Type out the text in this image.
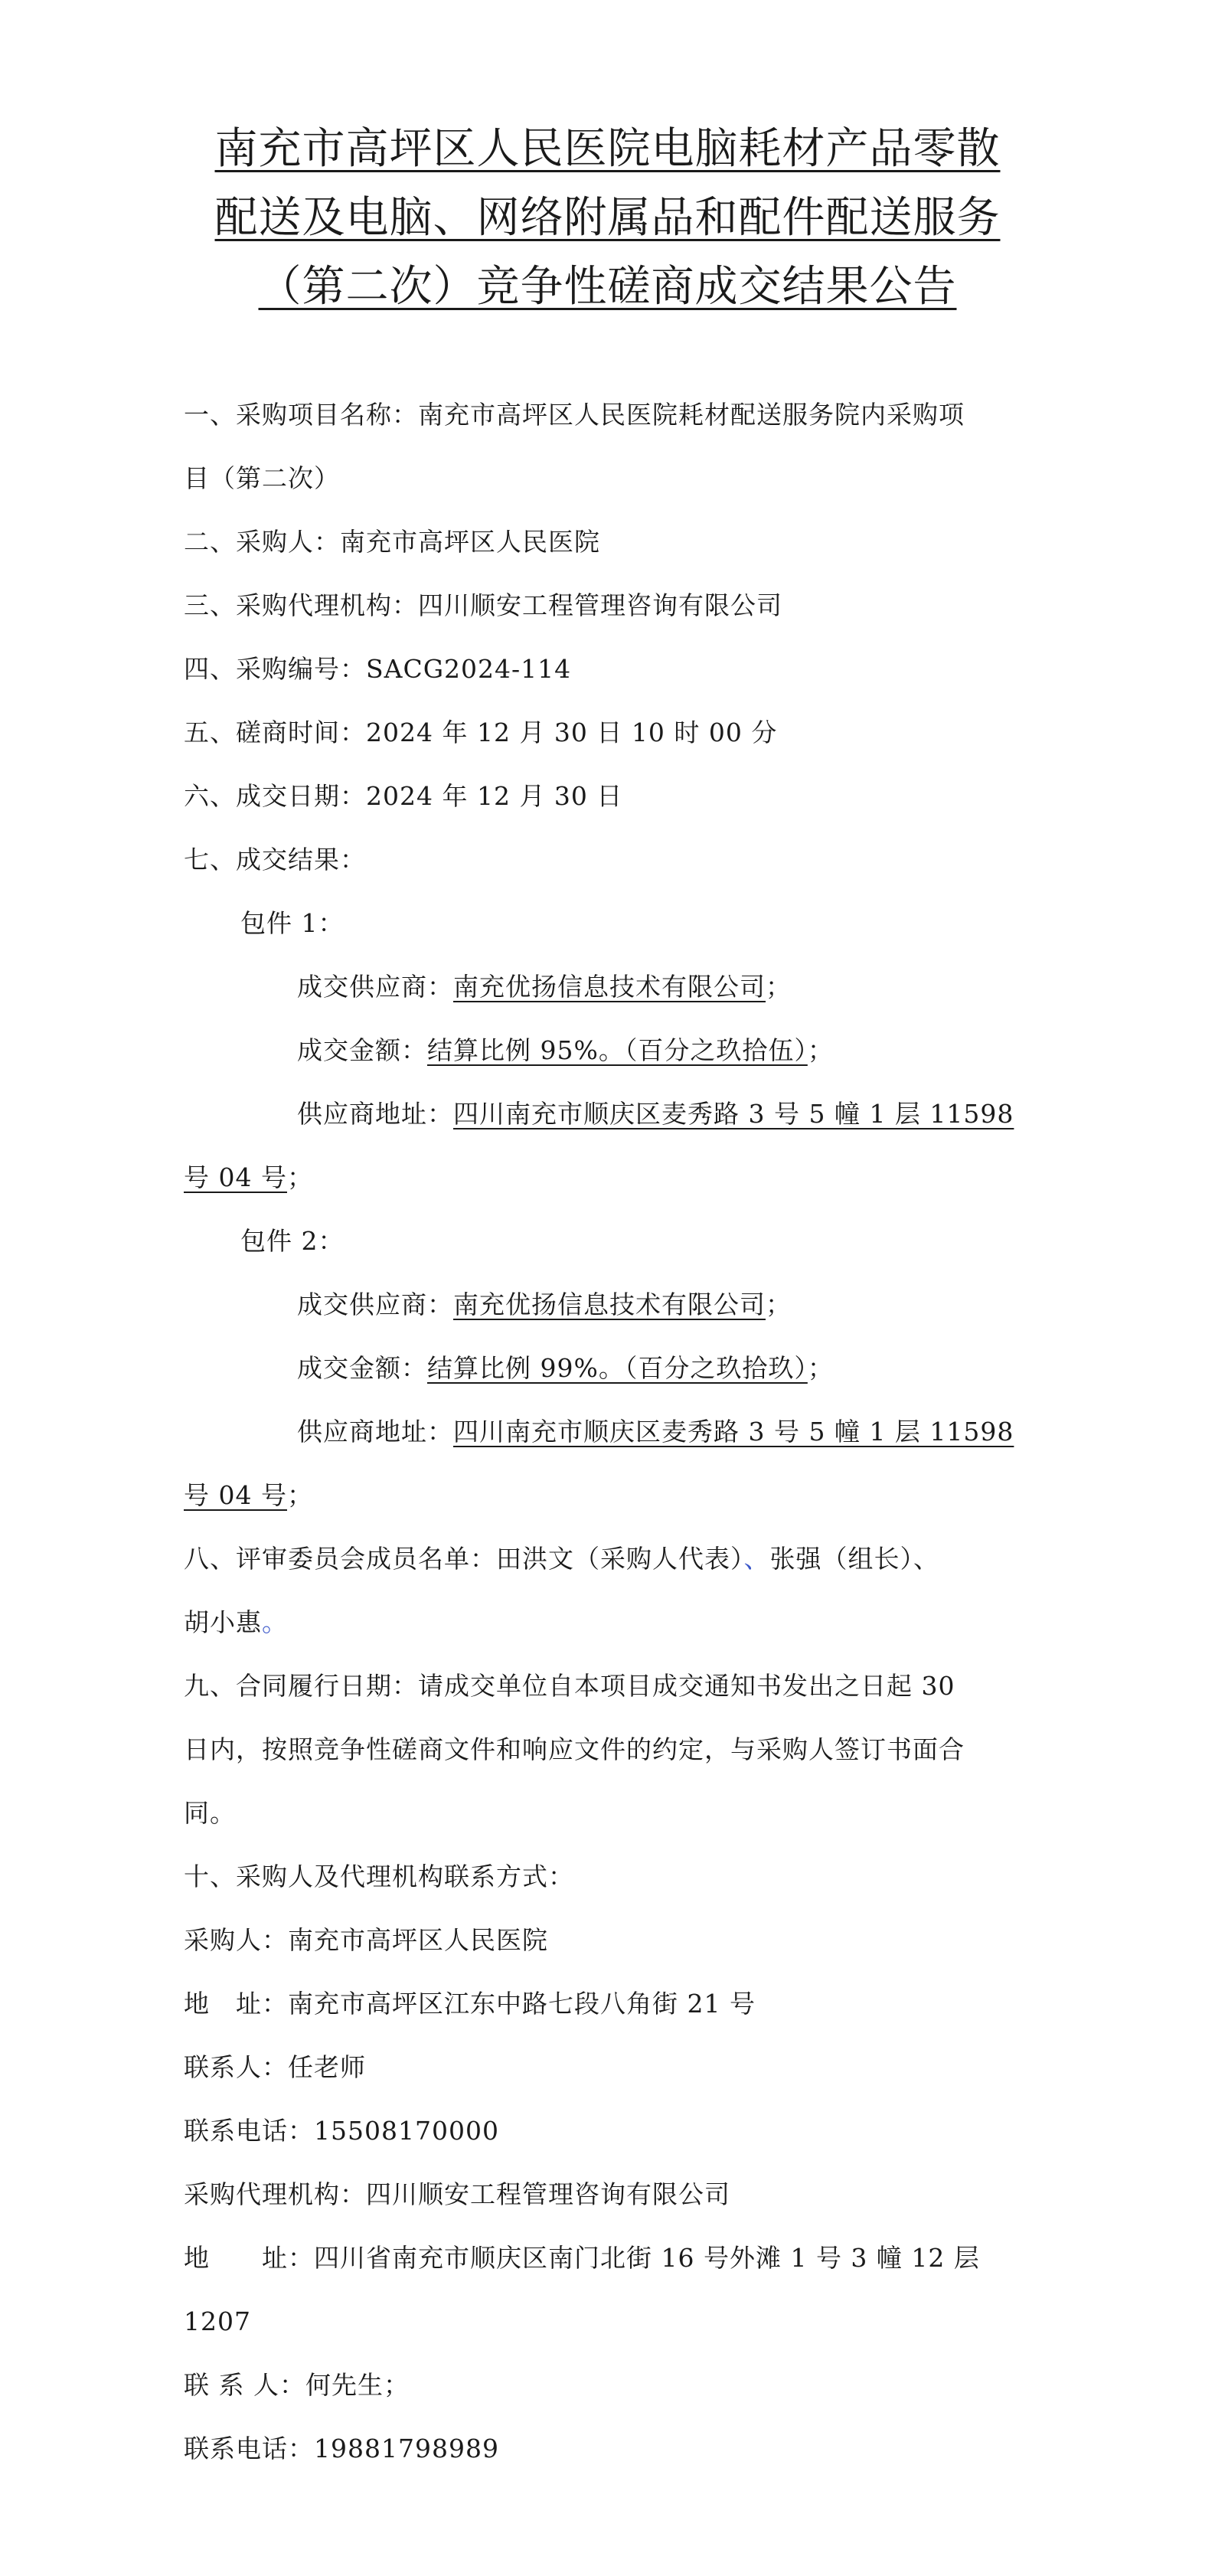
南充市高坪区人民医院电脑耗材产品零散
配送及电脑、网络附属品和配件配送服务
（第二次）竞争性磋商成交结果公告
一、采购项目名称：南充市高坪区人民医院耗材配送服务院内采购项
目（第二次）
二、采购人：南充市高坪区人民医院
三、采购代理机构：四川顺安工程管理咨询有限公司
四、采购编号：SACG2024-114
五、磋商时间：2024 年 12 月 30 日 10 时 00 分
六、成交日期：2024 年 12 月 30 日
七、成交结果：
包件 1：
成交供应商：南充优扬信息技术有限公司；
成交金额：结算比例 95%。（百分之玖拾伍）；
供应商地址：四川南充市顺庆区麦秀路 3 号 5 幢 1 层 11598
号 04 号；
包件 2：
成交供应商：南充优扬信息技术有限公司；
成交金额：结算比例 99%。（百分之玖拾玖）；
供应商地址：四川南充市顺庆区麦秀路 3 号 5 幢 1 层 11598
号 04 号；
八、评审委员会成员名单：田洪文（采购人代表）、张强（组长）、
胡小惠。
九、合同履行日期：请成交单位自本项目成交通知书发出之日起 30
日内，按照竞争性磋商文件和响应文件的约定，与采购人签订书面合
同。
十、采购人及代理机构联系方式：
采购人：南充市高坪区人民医院
地　址：南充市高坪区江东中路七段八角街 21 号
联系人：任老师
联系电话：15508170000
采购代理机构：四川顺安工程管理咨询有限公司
地　　址：四川省南充市顺庆区南门北街 16 号外滩 1 号 3 幢 12 层
1207
联 系 人：何先生；
联系电话：19881798989
